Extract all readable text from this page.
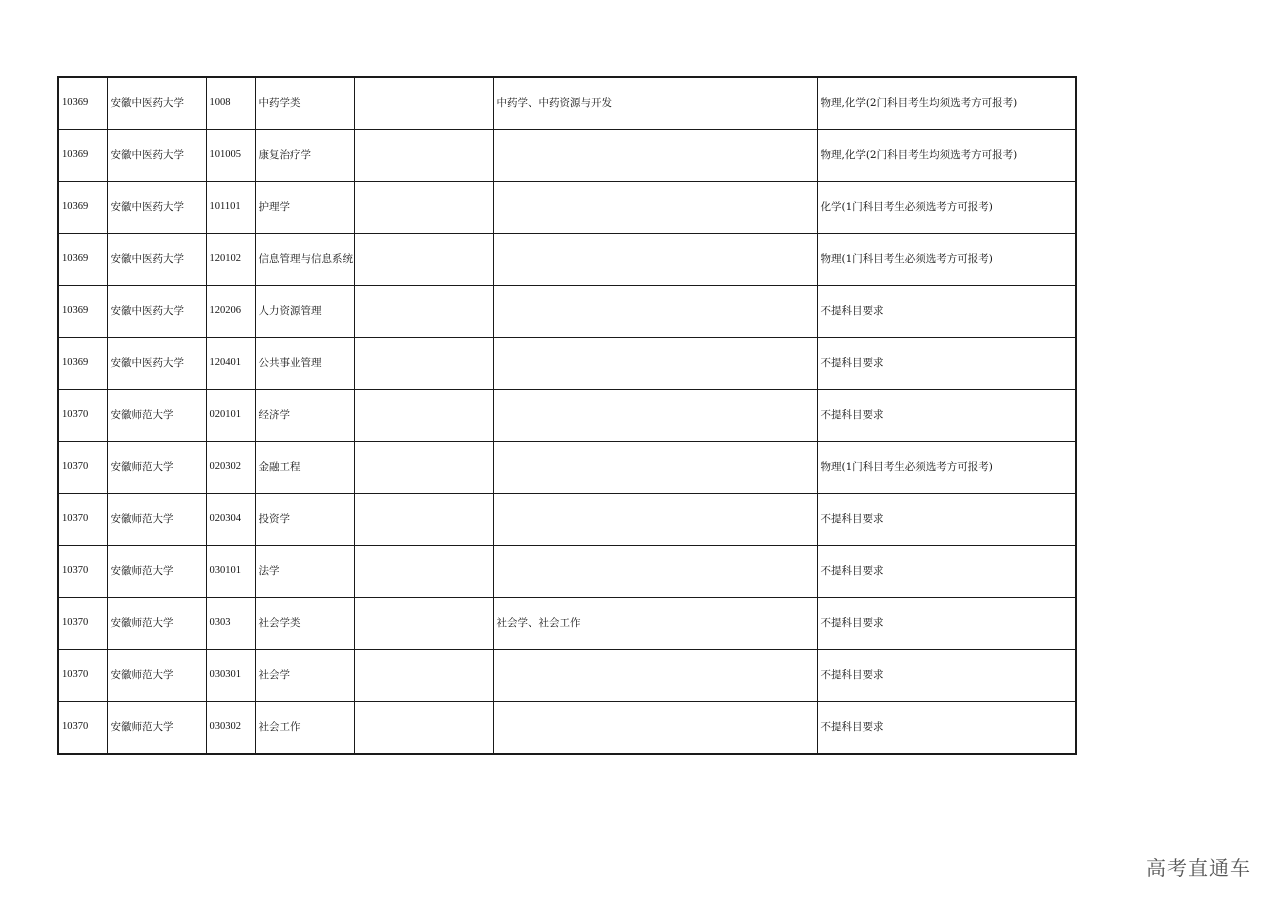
10369	安徽中医药大学	1008	中药学类		中药学、中药资源与开发	物理,化学(2门科目考生均须选考方可报考)
10369	安徽中医药大学	101005	康复治疗学			物理,化学(2门科目考生均须选考方可报考)
10369	安徽中医药大学	101101	护理学			化学(1门科目考生必须选考方可报考)
10369	安徽中医药大学	120102	信息管理与信息系统			物理(1门科目考生必须选考方可报考)
10369	安徽中医药大学	120206	人力资源管理			不提科目要求
10369	安徽中医药大学	120401	公共事业管理			不提科目要求
10370	安徽师范大学	020101	经济学			不提科目要求
10370	安徽师范大学	020302	金融工程			物理(1门科目考生必须选考方可报考)
10370	安徽师范大学	020304	投资学			不提科目要求
10370	安徽师范大学	030101	法学			不提科目要求
10370	安徽师范大学	0303	社会学类		社会学、社会工作	不提科目要求
10370	安徽师范大学	030301	社会学			不提科目要求
10370	安徽师范大学	030302	社会工作			不提科目要求
高考直通车
